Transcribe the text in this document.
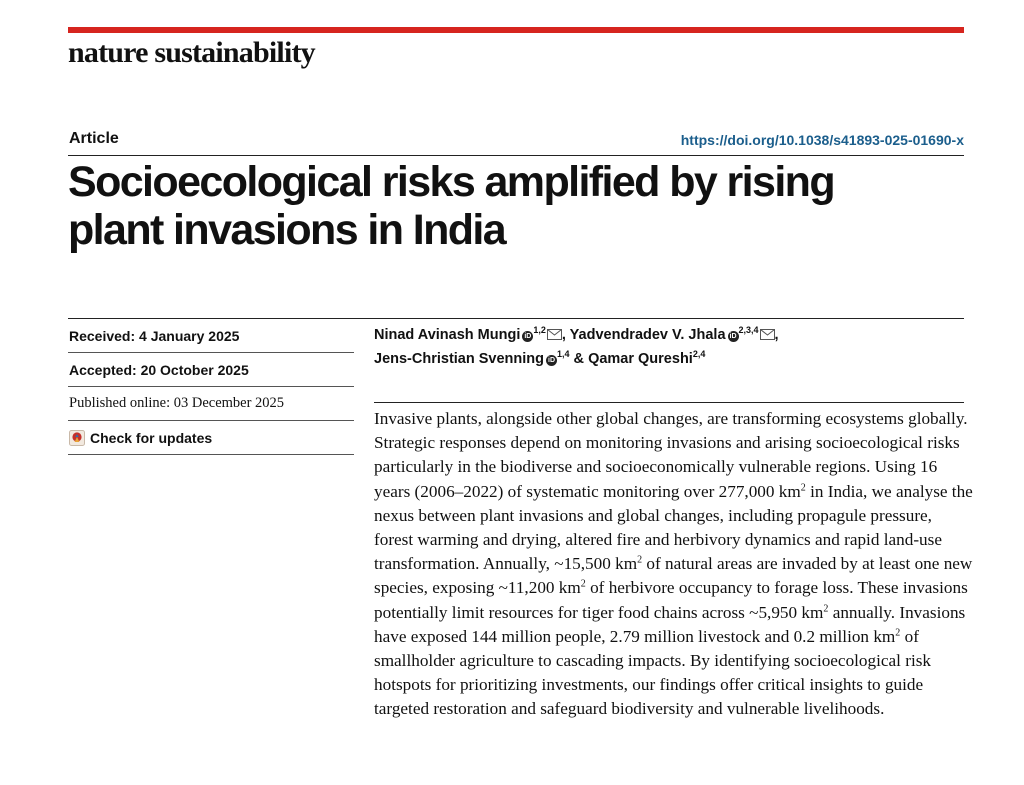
nature sustainability
Article	https://doi.org/10.1038/s41893-025-01690-x
Socioecological risks amplified by rising
plant invasions in India
Received: 4 January 2025
Accepted: 20 October 2025
Published online: 03 December 2025
Check for updates
Ninad Avinash Mungi iD$^{1,2}$ , Yadvendradev V. Jhala iD$^{2,3,4}$ ,
Jens-Christian Svenning iD$^{1,4}$ & Qamar Qureshi$^{2,4}$

Invasive plants, alongside other global changes, are transforming ecosystems globally. Strategic responses depend on monitoring invasions and arising socioecological risks particularly in the biodiverse and socioeconomically vulnerable regions. Using 16 years (2006–2022) of systematic monitoring over 277,000 $km^2$ in India, we analyse the nexus between plant invasions and global changes, including propagule pressure, forest warming and drying, altered fire and herbivory dynamics and rapid land-use transformation. Annually, ~15,500 $km^2$ of natural areas are invaded by at least one new species, exposing ~11,200 $km^2$ of herbivore occupancy to forage loss. These invasions potentially limit resources for tiger food chains across ~5,950 $km^2$ annually. Invasions have exposed 144 million people, 2.79 million livestock and 0.2 million $km^2$ of smallholder agriculture to cascading impacts. By identifying socioecological risk hotspots for prioritizing investments, our findings offer critical insights to guide targeted restoration and safeguard biodiversity and vulnerable livelihoods.
